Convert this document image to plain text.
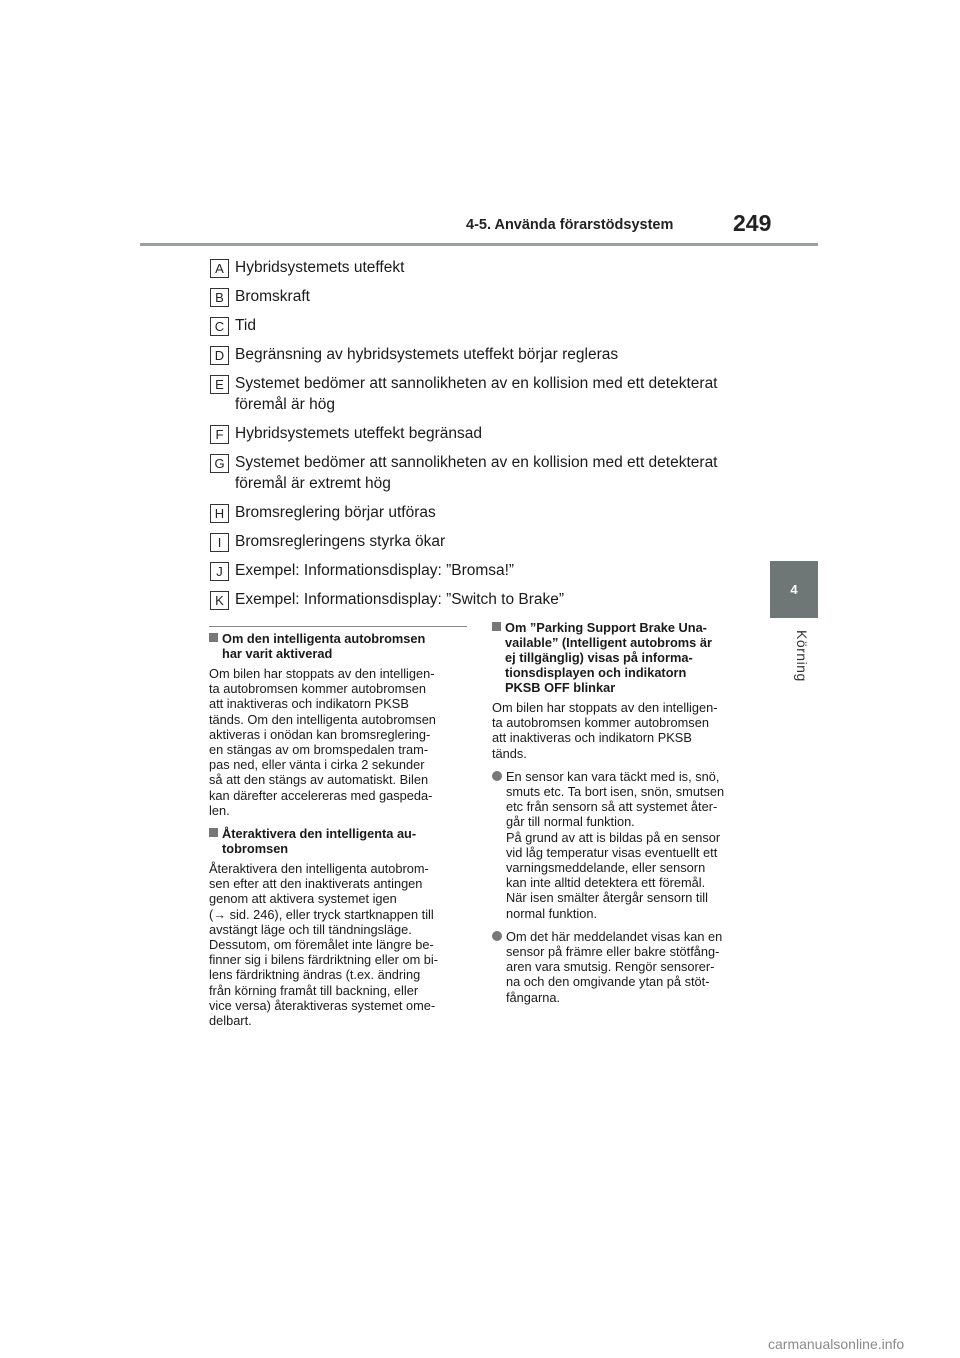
4-5. Använda förarstödsystem	249
4
Körning
A Hybridsystemets uteffekt
B Bromskraft
C Tid
D Begränsning av hybridsystemets uteffekt börjar regleras
E Systemet bedömer att sannolikheten av en kollision med ett detekterat
föremål är hög
F Hybridsystemets uteffekt begränsad
G Systemet bedömer att sannolikheten av en kollision med ett detekterat
föremål är extremt hög
H Bromsreglering börjar utföras
I Bromsregleringens styrka ökar
J Exempel: Informationsdisplay: ”Bromsa!”
K Exempel: Informationsdisplay: ”Switch to Brake”
Om den intelligenta autobromsen
har varit aktiverad

Om bilen har stoppats av den intelligen-
ta autobromsen kommer autobromsen
att inaktiveras och indikatorn PKSB
tänds. Om den intelligenta autobromsen
aktiveras i onödan kan bromsreglering-
en stängas av om bromspedalen tram-
pas ned, eller vänta i cirka 2 sekunder
så att den stängs av automatiskt. Bilen
kan därefter accelereras med gaspeda-
len.

Återaktivera den intelligenta au-
tobromsen

Återaktivera den intelligenta autobrom-
sen efter att den inaktiverats antingen
genom att aktivera systemet igen
(→ sid. 246), eller tryck startknappen till
avstängt läge och till tändningsläge.
Dessutom, om föremålet inte längre be-
finner sig i bilens färdriktning eller om bi-
lens färdriktning ändras (t.ex. ändring
från körning framåt till backning, eller
vice versa) återaktiveras systemet ome-
delbart.

Om ”Parking Support Brake Una-
vailable” (Intelligent autobroms är
ej tillgänglig) visas på informa-
tionsdisplayen och indikatorn
PKSB OFF blinkar

Om bilen har stoppats av den intelligen-
ta autobromsen kommer autobromsen
att inaktiveras och indikatorn PKSB
tänds.

En sensor kan vara täckt med is, snö,
smuts etc. Ta bort isen, snön, smutsen
etc från sensorn så att systemet åter-
går till normal funktion.
På grund av att is bildas på en sensor
vid låg temperatur visas eventuellt ett
varningsmeddelande, eller sensorn
kan inte alltid detektera ett föremål.
När isen smälter återgår sensorn till
normal funktion.
Om det här meddelandet visas kan en
sensor på främre eller bakre stötfång-
aren vara smutsig. Rengör sensorer-
na och den omgivande ytan på stöt-
fångarna.
carmanualsonline.info
